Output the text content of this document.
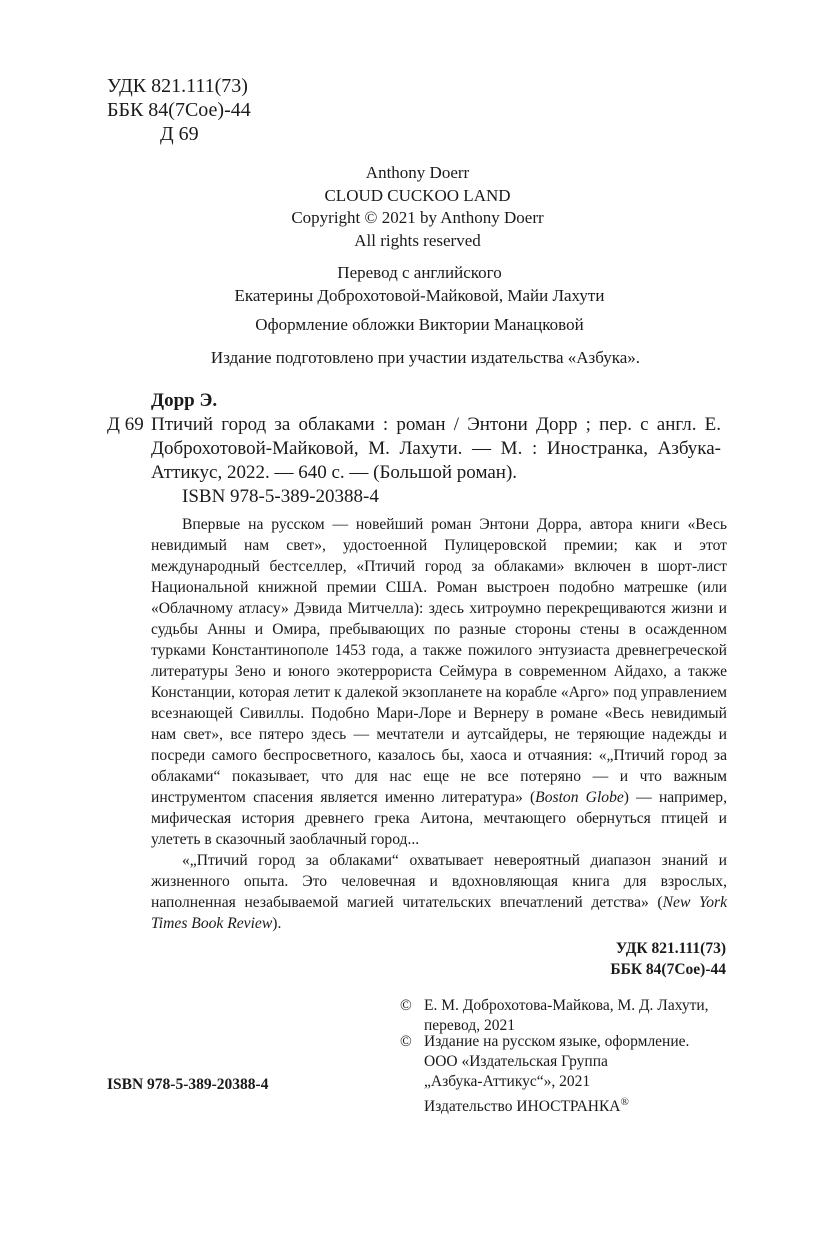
УДК 821.111(73)
ББК 84(7Сое)-44
Д 69
Anthony Doerr
CLOUD CUCKOO LAND
Copyright © 2021 by Anthony Doerr
All rights reserved
Перевод с английского
Екатерины Доброхотовой-Майковой, Майи Лахути
Оформление обложки Виктории Манацковой
Издание подготовлено при участии издательства «Азбука».
Дорр Э.
Д 69 Птичий город за облаками : роман / Энтони Дорр ; пер. с англ. Е. Доброхотовой-Майковой, М. Лахути. — М. : Иностранка, Азбука-Аттикус, 2022. — 640 с. — (Большой роман).
ISBN 978-5-389-20388-4

Впервые на русском — новейший роман Энтони Дорра, автора книги «Весь невидимый нам свет», удостоенной Пулицеровской премии; как и этот международный бестселлер, «Птичий город за облаками» включен в шорт-лист Национальной книжной премии США. Роман выстроен подобно матрешке (или «Облачному атласу» Дэвида Митчелла): здесь хитроумно перекрещиваются жизни и судьбы Анны и Омира, пребывающих по разные стороны стены в осажденном турками Константинополе 1453 года, а также пожилого энтузиаста древнегреческой литературы Зено и юного экотеррориста Сеймура в современном Айдахо, а также Констанции, которая летит к далекой экзопланете на корабле «Арго» под управлением всезнающей Сивиллы. Подобно Мари-Лоре и Вернеру в романе «Весь невидимый нам свет», все пятеро здесь — мечтатели и аутсайдеры, не теряющие надежды и посреди самого беспросветного, казалось бы, хаоса и отчаяния: «„Птичий город за облаками“ показывает, что для нас еще не все потеряно — и что важным инструментом спасения является именно литература» (Boston Globe) — например, мифическая история древнего грека Аитона, мечтающего обернуться птицей и улететь в сказочный заоблачный город...

«„Птичий город за облаками“ охватывает невероятный диапазон знаний и жизненного опыта. Это человечная и вдохновляющая книга для взрослых, наполненная незабываемой магией читательских впечатлений детства» (New York Times Book Review).

УДК 821.111(73)
ББК 84(7Сое)-44
© Е. М. Доброхотова-Майкова, М. Д. Лахути,
перевод, 2021
© Издание на русском языке, оформление.
ООО «Издательская Группа
„Азбука-Аттикус“», 2021
Издательство ИНОСТРАНКА®
ISBN 978-5-389-20388-4
